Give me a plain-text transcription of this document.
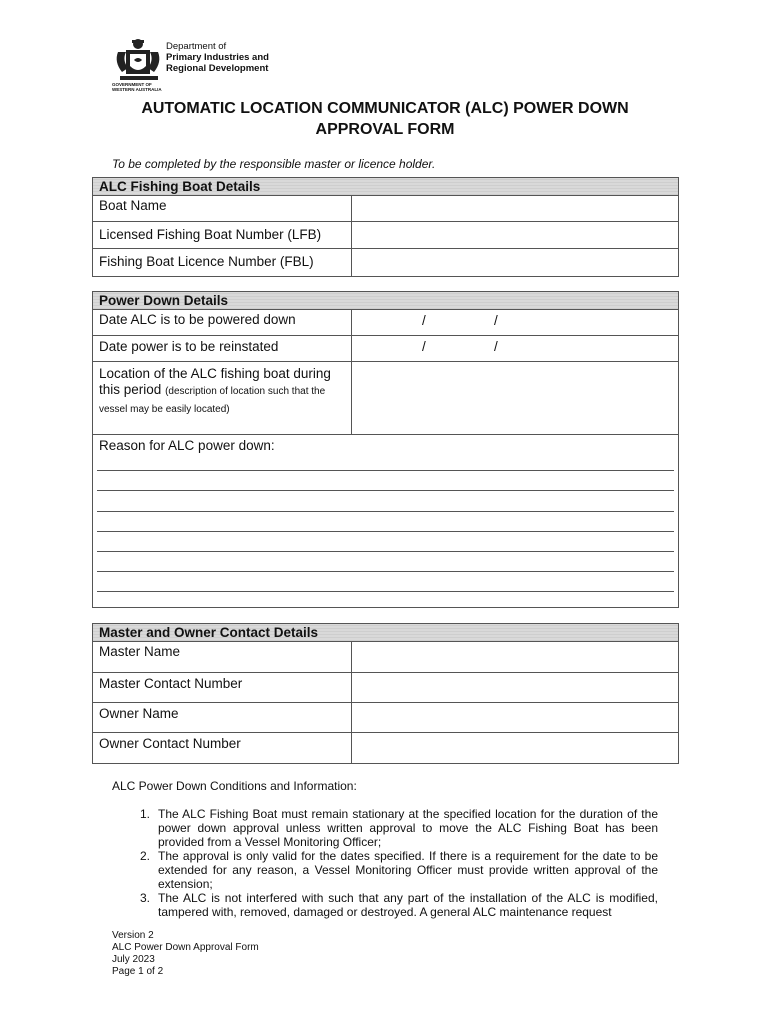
GOVERNMENT OF
WESTERN AUSTRALIA
Department of
Primary Industries and
Regional Development
AUTOMATIC LOCATION COMMUNICATOR (ALC) POWER DOWN
APPROVAL FORM
To be completed by the responsible master or licence holder.
ALC Fishing Boat Details
Boat Name
Licensed Fishing Boat Number (LFB)
Fishing Boat Licence Number (FBL)
Power Down Details
Date ALC is to be powered down	/	/
Date power is to be reinstated	/	/
Location of the ALC fishing boat during this period (description of location such that the vessel may be easily located)
Reason for ALC power down:
Master and Owner Contact Details
Master Name
Master Contact Number
Owner Name
Owner Contact Number
ALC Power Down Conditions and Information:
1. The ALC Fishing Boat must remain stationary at the specified location for the duration of the power down approval unless written approval to move the ALC Fishing Boat has been provided from a Vessel Monitoring Officer;
2. The approval is only valid for the dates specified. If there is a requirement for the date to be extended for any reason, a Vessel Monitoring Officer must provide written approval of the extension;
3. The ALC is not interfered with such that any part of the installation of the ALC is modified, tampered with, removed, damaged or destroyed. A general ALC maintenance request
Version 2
ALC Power Down Approval Form
July 2023
Page 1 of 2
